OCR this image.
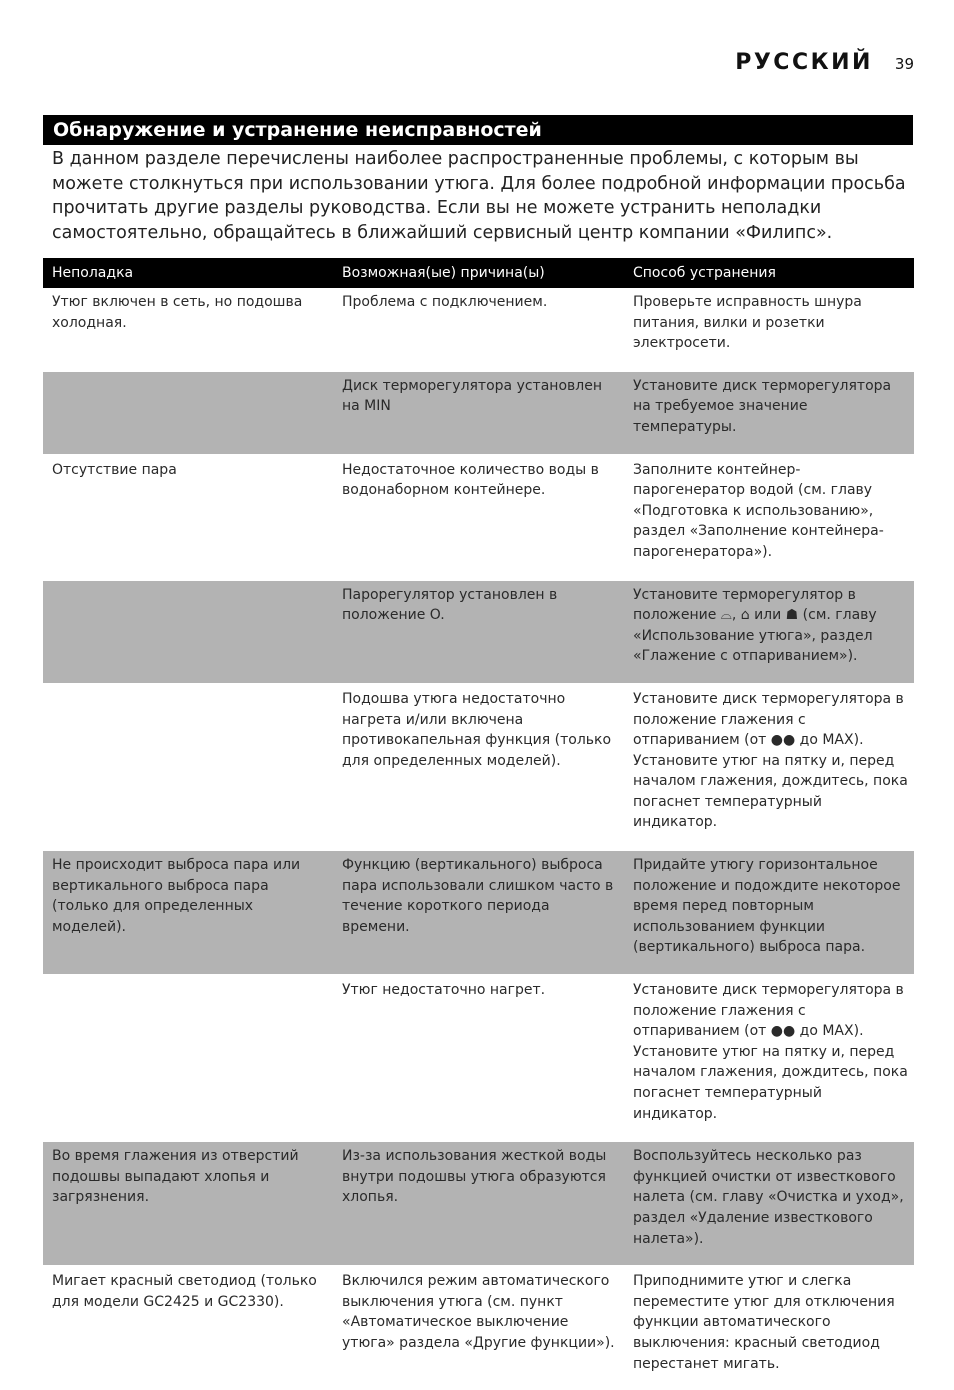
РУССКИЙ 39
Обнаружение и устранение неисправностей

В данном разделе перечислены наиболее распространенные проблемы, с которым вы можете столкнуться при использовании утюга. Для более подробной информации просьба прочитать другие разделы руководства. Если вы не можете устранить неполадки самостоятельно, обращайтесь в ближайший сервисный центр компании «Филипс».

Неполадка	Возможная(ые) причина(ы)	Способ устранения
Утюг включен в сеть, но подошва холодная.	Проблема с подключением.	Проверьте исправность шнура питания, вилки и розетки электросети.
	Диск терморегулятора установлен на MIN	Установите диск терморегулятора на требуемое значение температуры.
Отсутствие пара	Недостаточное количество воды в водонаборном контейнере.	Заполните контейнер-парогенератор водой (см. главу «Подготовка к использованию», раздел «Заполнение контейнера-парогенератора»).
	Парорегулятор установлен в положение O.	Установите терморегулятор в положение ⌓, ⌂ или ☗ (см. главу «Использование утюга», раздел «Глажение с отпариванием»).
	Подошва утюга недостаточно нагрета и/или включена противокапельная функция (только для определенных моделей).	Установите диск терморегулятора в положение глажения с отпариванием (от ●● до MAX). Установите утюг на пятку и, перед началом глажения, дождитесь, пока погаснет температурный индикатор.
Не происходит выброса пара или вертикального выброса пара (только для определенных моделей).	Функцию (вертикального) выброса пара использовали слишком часто в течение короткого периода времени.	Придайте утюгу горизонтальное положение и подождите некоторое время перед повторным использованием функции (вертикального) выброса пара.
	Утюг недостаточно нагрет.	Установите диск терморегулятора в положение глажения с отпариванием (от ●● до MAX). Установите утюг на пятку и, перед началом глажения, дождитесь, пока погаснет температурный индикатор.
Во время глажения из отверстий подошвы выпадают хлопья и загрязнения.	Из-за использования жесткой воды внутри подошвы утюга образуются хлопья.	Воспользуйтесь несколько раз функцией очистки от известкового налета (см. главу «Очистка и уход», раздел «Удаление известкового налета»).
Мигает красный светодиод (только для модели GC2425 и GC2330).	Включился режим автоматического выключения утюга (см. пункт «Автоматическое выключение утюга» раздела «Другие функции»).	Приподнимите утюг и слегка переместите утюг для отключения функции автоматического выключения: красный светодиод перестанет мигать.
